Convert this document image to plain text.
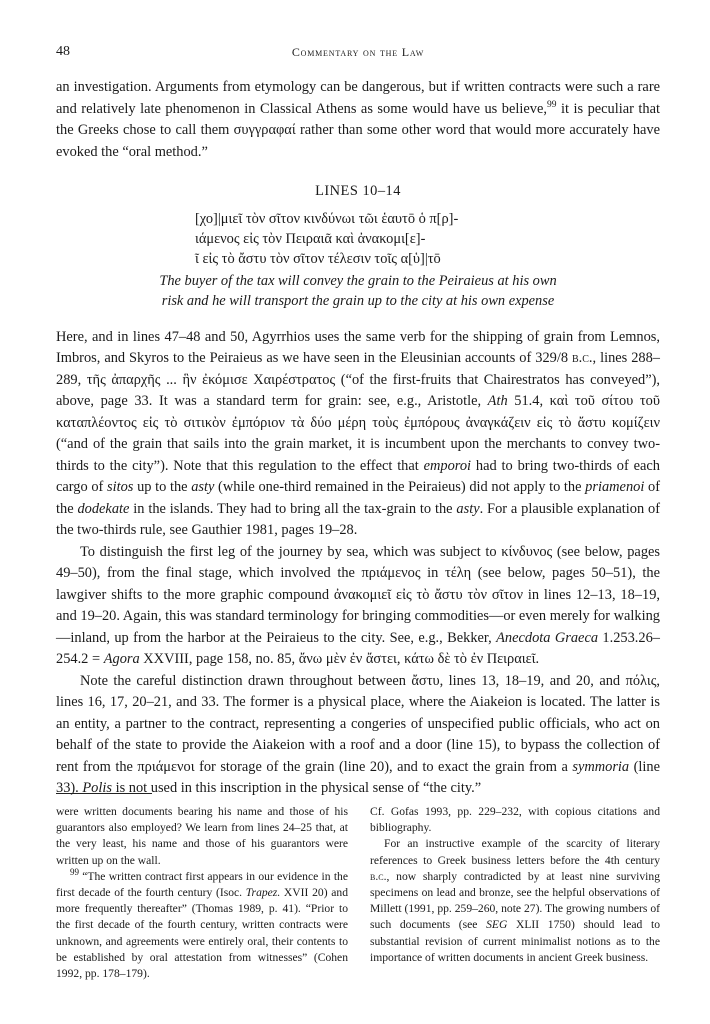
48	Commentary on the Law

an investigation. Arguments from etymology can be dangerous, but if written contracts were such a rare and relatively late phenomenon in Classical Athens as some would have us believe,$^{99}$ it is peculiar that the Greeks chose to call them συγγραφαί rather than some other word that would more accurately have evoked the “oral method.”

LINES 10–14
[χο]|μιεῖ τὸν σῖτον κινδύνωι τῶι ἑαυτō ὁ π[ρ]-
ιάμενος εἰς τὸν Πειραιᾶ καὶ ἀνακομι[ε]-
ῖ εἰς τὸ ἄστυ τὸν σῖτον τέλεσιν τοῖς α[ὑ]|τō
The buyer of the tax will convey the grain to the Peiraieus at his own
risk and he will transport the grain up to the city at his own expense

Here, and in lines 47–48 and 50, Agyrrhios uses the same verb for the shipping of grain from Lemnos, Imbros, and Skyros to the Peiraieus as we have seen in the Eleusinian accounts of 329/8 b.c., lines 288–289, τῆς ἀπαρχῆς ... ἣν ἐκόμισε Χαιρέστρατος (“of the first-fruits that Chairestratos has conveyed”), above, page 33. It was a standard term for grain: see, e.g., Aristotle, Ath 51.4, καὶ τοῦ σίτου τοῦ καταπλέοντος εἰς τὸ σιτικὸν ἐμπόριον τὰ δύο μέρη τοὺς ἐμπόρους ἀναγκάζειν εἰς τὸ ἄστυ κομίζειν (“and of the grain that sails into the grain market, it is incumbent upon the merchants to convey two-thirds to the city”). Note that this regulation to the effect that emporoi had to bring two-thirds of each cargo of sitos up to the asty (while one-third remained in the Peiraieus) did not apply to the priamenoi of the dodekate in the islands. They had to bring all the tax-grain to the asty. For a plausible explanation of the two-thirds rule, see Gauthier 1981, pages 19–28.

To distinguish the first leg of the journey by sea, which was subject to κίνδυνος (see below, pages 49–50), from the final stage, which involved the πριάμενος in τέλη (see below, pages 50–51), the lawgiver shifts to the more graphic compound ἀνακομιεῖ εἰς τὸ ἄστυ τὸν σῖτον in lines 12–13, 18–19, and 19–20. Again, this was standard terminology for bringing commodities—or even merely for walking—inland, up from the harbor at the Peiraieus to the city. See, e.g., Bekker, Anecdota Graeca 1.253.26–254.2 = Agora XXVIII, page 158, no. 85, ἄνω μὲν ἐν ἄστει, κάτω δὲ τὸ ἐν Πειραιεῖ.

Note the careful distinction drawn throughout between ἄστυ, lines 13, 18–19, and 20, and πόλις, lines 16, 17, 20–21, and 33. The former is a physical place, where the Aiakeion is located. The latter is an entity, a partner to the contract, representing a congeries of unspecified public officials, who act on behalf of the state to provide the Aiakeion with a roof and a door (line 15), to bypass the collection of rent from the πριάμενοι for storage of the grain (line 20), and to exact the grain from a symmoria (line 33). Polis is not used in this inscription in the physical sense of “the city.”

were written documents bearing his name and those of his guarantors also employed? We learn from lines 24–25 that, at the very least, his name and those of his guarantors were written up on the wall.

$^{99}$ “The written contract first appears in our evidence in the first decade of the fourth century (Isoc. Trapez. XVII 20) and more frequently thereafter” (Thomas 1989, p. 41). “Prior to the first decade of the fourth century, written contracts were unknown, and agreements were entirely oral, their contents to be established by oral attestation from witnesses” (Cohen 1992, pp. 178–179).

Cf. Gofas 1993, pp. 229–232, with copious citations and bibliography.

For an instructive example of the scarcity of literary references to Greek business letters before the 4th century b.c., now sharply contradicted by at least nine surviving specimens on lead and bronze, see the helpful observations of Millett (1991, pp. 259–260, note 27). The growing numbers of such documents (see SEG XLII 1750) should lead to substantial revision of current minimalist notions as to the importance of written documents in ancient Greek business.
